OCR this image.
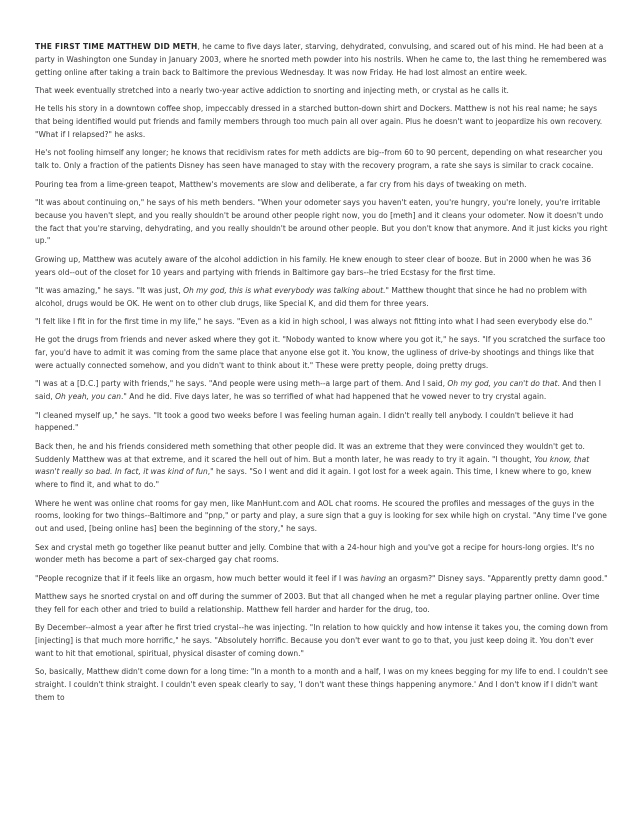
THE FIRST TIME MATTHEW DID METH, he came to five days later, starving, dehydrated, convulsing, and scared out of his mind. He had been at a party in Washington one Sunday in January 2003, where he snorted meth powder into his nostrils. When he came to, the last thing he remembered was getting online after taking a train back to Baltimore the previous Wednesday. It was now Friday. He had lost almost an entire week.

That week eventually stretched into a nearly two-year active addiction to snorting and injecting meth, or crystal as he calls it.

He tells his story in a downtown coffee shop, impeccably dressed in a starched button-down shirt and Dockers. Matthew is not his real name; he says that being identified would put friends and family members through too much pain all over again. Plus he doesn't want to jeopardize his own recovery. "What if I relapsed?" he asks.

He's not fooling himself any longer; he knows that recidivism rates for meth addicts are big--from 60 to 90 percent, depending on what researcher you talk to. Only a fraction of the patients Disney has seen have managed to stay with the recovery program, a rate she says is similar to crack cocaine.

Pouring tea from a lime-green teapot, Matthew's movements are slow and deliberate, a far cry from his days of tweaking on meth.

"It was about continuing on," he says of his meth benders. "When your odometer says you haven't eaten, you're hungry, you're lonely, you're irritable because you haven't slept, and you really shouldn't be around other people right now, you do [meth] and it cleans your odometer. Now it doesn't undo the fact that you're starving, dehydrating, and you really shouldn't be around other people. But you don't know that anymore. And it just kicks you right up."

Growing up, Matthew was acutely aware of the alcohol addiction in his family. He knew enough to steer clear of booze. But in 2000 when he was 36 years old--out of the closet for 10 years and partying with friends in Baltimore gay bars--he tried Ecstasy for the first time.

"It was amazing," he says. "It was just, Oh my god, this is what everybody was talking about." Matthew thought that since he had no problem with alcohol, drugs would be OK. He went on to other club drugs, like Special K, and did them for three years.

"I felt like I fit in for the first time in my life," he says. "Even as a kid in high school, I was always not fitting into what I had seen everybody else do."

He got the drugs from friends and never asked where they got it. "Nobody wanted to know where you got it," he says. "If you scratched the surface too far, you'd have to admit it was coming from the same place that anyone else got it. You know, the ugliness of drive-by shootings and things like that were actually connected somehow, and you didn't want to think about it." These were pretty people, doing pretty drugs.

"I was at a [D.C.] party with friends," he says. "And people were using meth--a large part of them. And I said, Oh my god, you can't do that. And then I said, Oh yeah, you can." And he did. Five days later, he was so terrified of what had happened that he vowed never to try crystal again.

"I cleaned myself up," he says. "It took a good two weeks before I was feeling human again. I didn't really tell anybody. I couldn't believe it had happened."

Back then, he and his friends considered meth something that other people did. It was an extreme that they were convinced they wouldn't get to. Suddenly Matthew was at that extreme, and it scared the hell out of him. But a month later, he was ready to try it again. "I thought, You know, that wasn't really so bad. In fact, it was kind of fun," he says. "So I went and did it again. I got lost for a week again. This time, I knew where to go, knew where to find it, and what to do."

Where he went was online chat rooms for gay men, like ManHunt.com and AOL chat rooms. He scoured the profiles and messages of the guys in the rooms, looking for two things--Baltimore and "pnp," or party and play, a sure sign that a guy is looking for sex while high on crystal. "Any time I've gone out and used, [being online has] been the beginning of the story," he says.

Sex and crystal meth go together like peanut butter and jelly. Combine that with a 24-hour high and you've got a recipe for hours-long orgies. It's no wonder meth has become a part of sex-charged gay chat rooms.

"People recognize that if it feels like an orgasm, how much better would it feel if I was having an orgasm?" Disney says. "Apparently pretty damn good."

Matthew says he snorted crystal on and off during the summer of 2003. But that all changed when he met a regular playing partner online. Over time they fell for each other and tried to build a relationship. Matthew fell harder and harder for the drug, too.

By December--almost a year after he first tried crystal--he was injecting. "In relation to how quickly and how intense it takes you, the coming down from [injecting] is that much more horrific," he says. "Absolutely horrific. Because you don't ever want to go to that, you just keep doing it. You don't ever want to hit that emotional, spiritual, physical disaster of coming down."

So, basically, Matthew didn't come down for a long time: "In a month to a month and a half, I was on my knees begging for my life to end. I couldn't see straight. I couldn't think straight. I couldn't even speak clearly to say, 'I don't want these things happening anymore.' And I don't know if I didn't want them to
